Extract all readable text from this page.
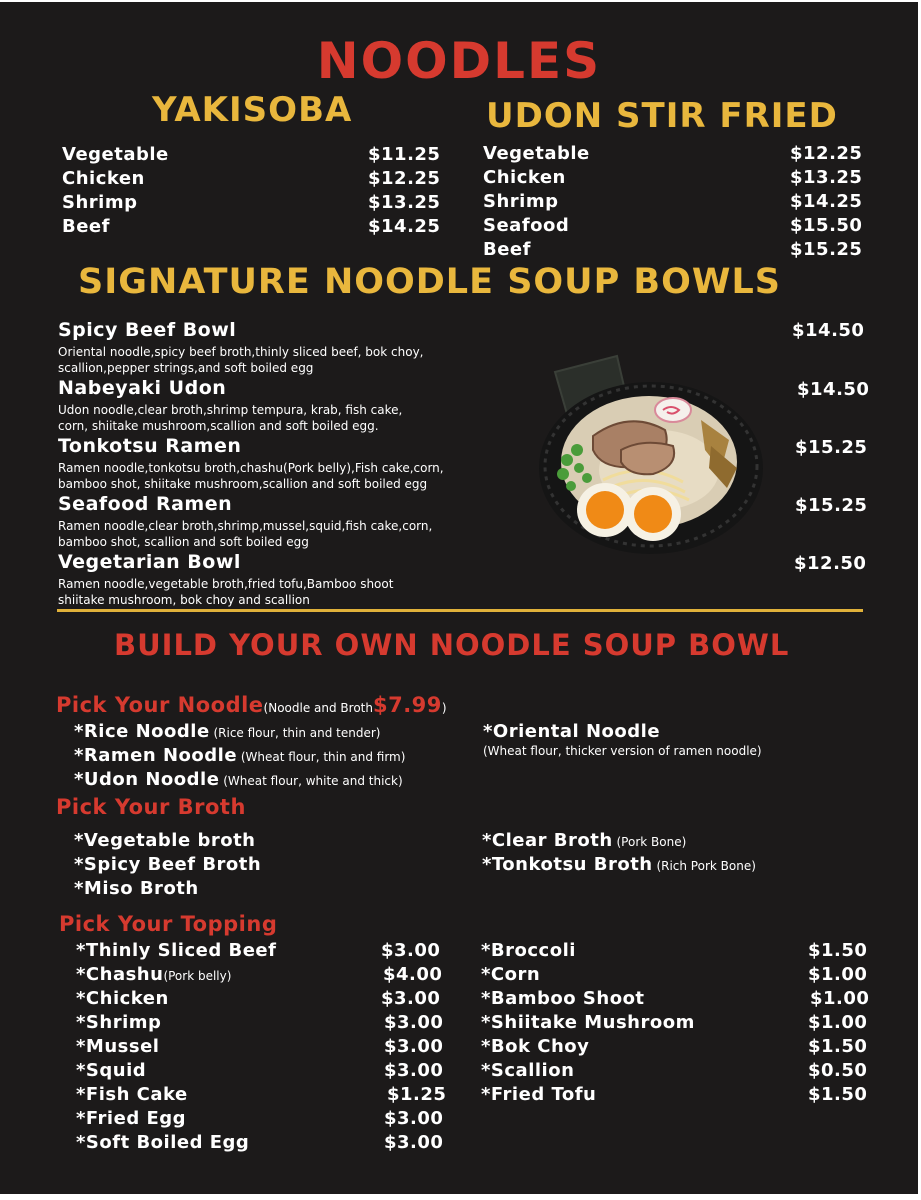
NOODLES
YAKISOBA
Vegetable	$11.25
Chicken	$12.25
Shrimp	$13.25
Beef	$14.25
UDON STIR FRIED
Vegetable	$12.25
Chicken	$13.25
Shrimp	$14.25
Seafood	$15.50
Beef	$15.25
SIGNATURE NOODLE SOUP BOWLS
Spicy Beef Bowl	$14.50
Oriental noodle,spicy beef broth,thinly sliced beef, bok choy,
scallion,pepper strings,and soft boiled egg
Nabeyaki Udon	$14.50
Udon noodle,clear broth,shrimp tempura, krab, fish cake,
corn, shiitake mushroom,scallion and soft boiled egg.
Tonkotsu Ramen	$15.25
Ramen noodle,tonkotsu broth,chashu(Pork belly),Fish cake,corn,
bamboo shot, shiitake mushroom,scallion and soft boiled egg
Seafood Ramen	$15.25
Ramen noodle,clear broth,shrimp,mussel,squid,fish cake,corn,
bamboo shot, scallion and soft boiled egg
Vegetarian Bowl	$12.50
Ramen noodle,vegetable broth,fried tofu,Bamboo shoot
shiitake mushroom, bok choy and scallion
BUILD YOUR OWN NOODLE SOUP BOWL
Pick Your Noodle(Noodle and Broth$7.99)
*Rice Noodle (Rice flour, thin and tender)
*Ramen Noodle (Wheat flour, thin and firm)
*Udon Noodle (Wheat flour, white and thick)
*Oriental Noodle
(Wheat flour, thicker version of ramen noodle)
Pick Your Broth
*Vegetable broth
*Spicy Beef Broth
*Miso Broth
*Clear Broth (Pork Bone)
*Tonkotsu Broth (Rich Pork Bone)
Pick Your Topping
*Thinly Sliced Beef	$3.00
*Chashu(Pork belly)	$4.00
*Chicken	$3.00
*Shrimp	$3.00
*Mussel	$3.00
*Squid	$3.00
*Fish Cake	$1.25
*Fried Egg	$3.00
*Soft Boiled Egg	$3.00
*Broccoli	$1.50
*Corn	$1.00
*Bamboo Shoot	$1.00
*Shiitake Mushroom	$1.00
*Bok Choy	$1.50
*Scallion	$0.50
*Fried Tofu	$1.50
